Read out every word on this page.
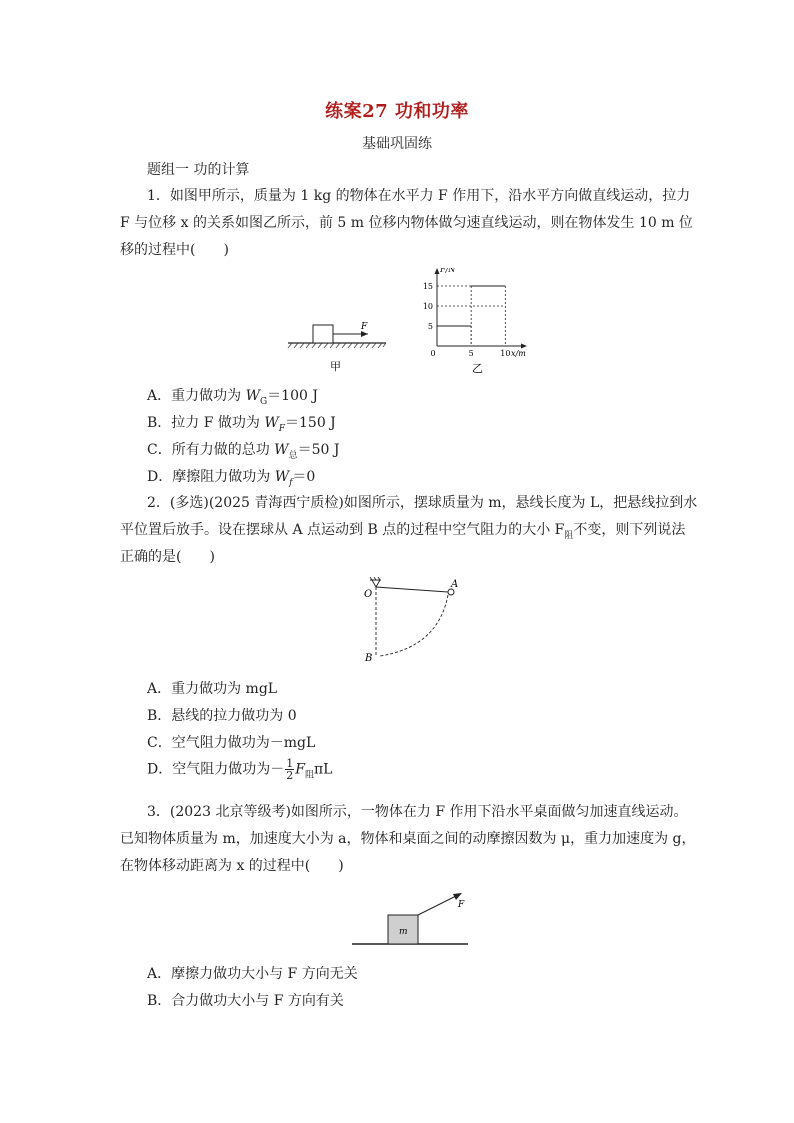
练案27 功和功率
基础巩固练
题组一 功的计算
1．如图甲所示，质量为 1 kg 的物体在水平力 F 作用下，沿水平方向做直线运动，拉力
F 与位移 x 的关系如图乙所示，前 5 m 位移内物体做匀速直线运动，则在物体发生 10 m 位
移的过程中(　　)
F
甲
F/N
x/m
5
10
15
0	5	10
乙
A．重力做功为 $W_G=100$ J
B．拉力 F 做功为 $W_F=150$ J
C．所有力做的总功 $W_总=50$ J
D．摩擦阻力做功为 $W_f=0$
2．(多选)(2025 青海西宁质检)如图所示，摆球质量为 m，悬线长度为 L，把悬线拉到水
平位置后放手。设在摆球从 A 点运动到 B 点的过程中空气阻力的大小 $F_阻$不变，则下列说法
正确的是(　　)
O
A
B
A．重力做功为 mgL
B．悬线的拉力做功为 0
C．空气阻力做功为－mgL
D．空气阻力做功为－ $\frac{1}{2} F_阻\pi L$
3．(2023 北京等级考)如图所示，一物体在力 F 作用下沿水平桌面做匀加速直线运动。
已知物体质量为 m，加速度大小为 a，物体和桌面之间的动摩擦因数为 μ，重力加速度为 g，
在物体移动距离为 x 的过程中(　　)
m
F
A．摩擦力做功大小与 F 方向无关
B．合力做功大小与 F 方向有关
